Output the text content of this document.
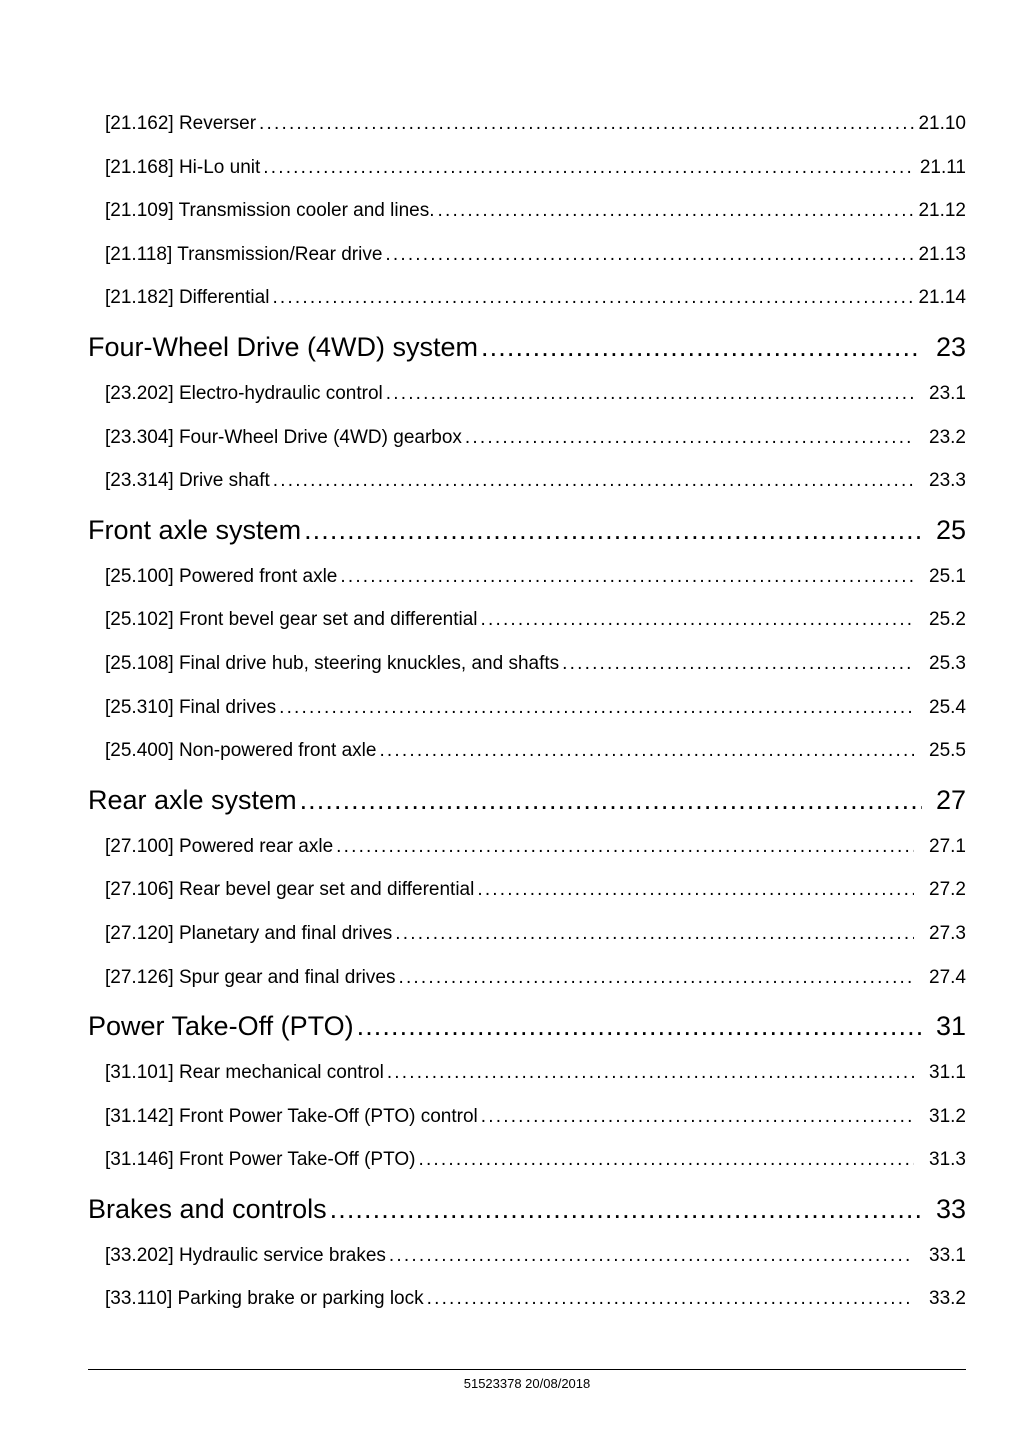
[21.162] Reverser .....	21.10
[21.168] Hi-Lo unit .....	21.11
[21.109] Transmission cooler and lines. .....	21.12
[21.118] Transmission/Rear drive .....	21.13
[21.182] Differential .....	21.14
Four-Wheel Drive (4WD) system .....	23
[23.202] Electro-hydraulic control .....	23.1
[23.304] Four-Wheel Drive (4WD) gearbox .....	23.2
[23.314] Drive shaft .....	23.3
Front axle system .....	25
[25.100] Powered front axle .....	25.1
[25.102] Front bevel gear set and differential .....	25.2
[25.108] Final drive hub, steering knuckles, and shafts .....	25.3
[25.310] Final drives .....	25.4
[25.400] Non-powered front axle .....	25.5
Rear axle system .....	27
[27.100] Powered rear axle .....	27.1
[27.106] Rear bevel gear set and differential .....	27.2
[27.120] Planetary and final drives .....	27.3
[27.126] Spur gear and final drives .....	27.4
Power Take-Off (PTO) .....	31
[31.101] Rear mechanical control .....	31.1
[31.142] Front Power Take-Off (PTO) control .....	31.2
[31.146] Front Power Take-Off (PTO) .....	31.3
Brakes and controls .....	33
[33.202] Hydraulic service brakes .....	33.1
[33.110] Parking brake or parking lock .....	33.2
51523378 20/08/2018
